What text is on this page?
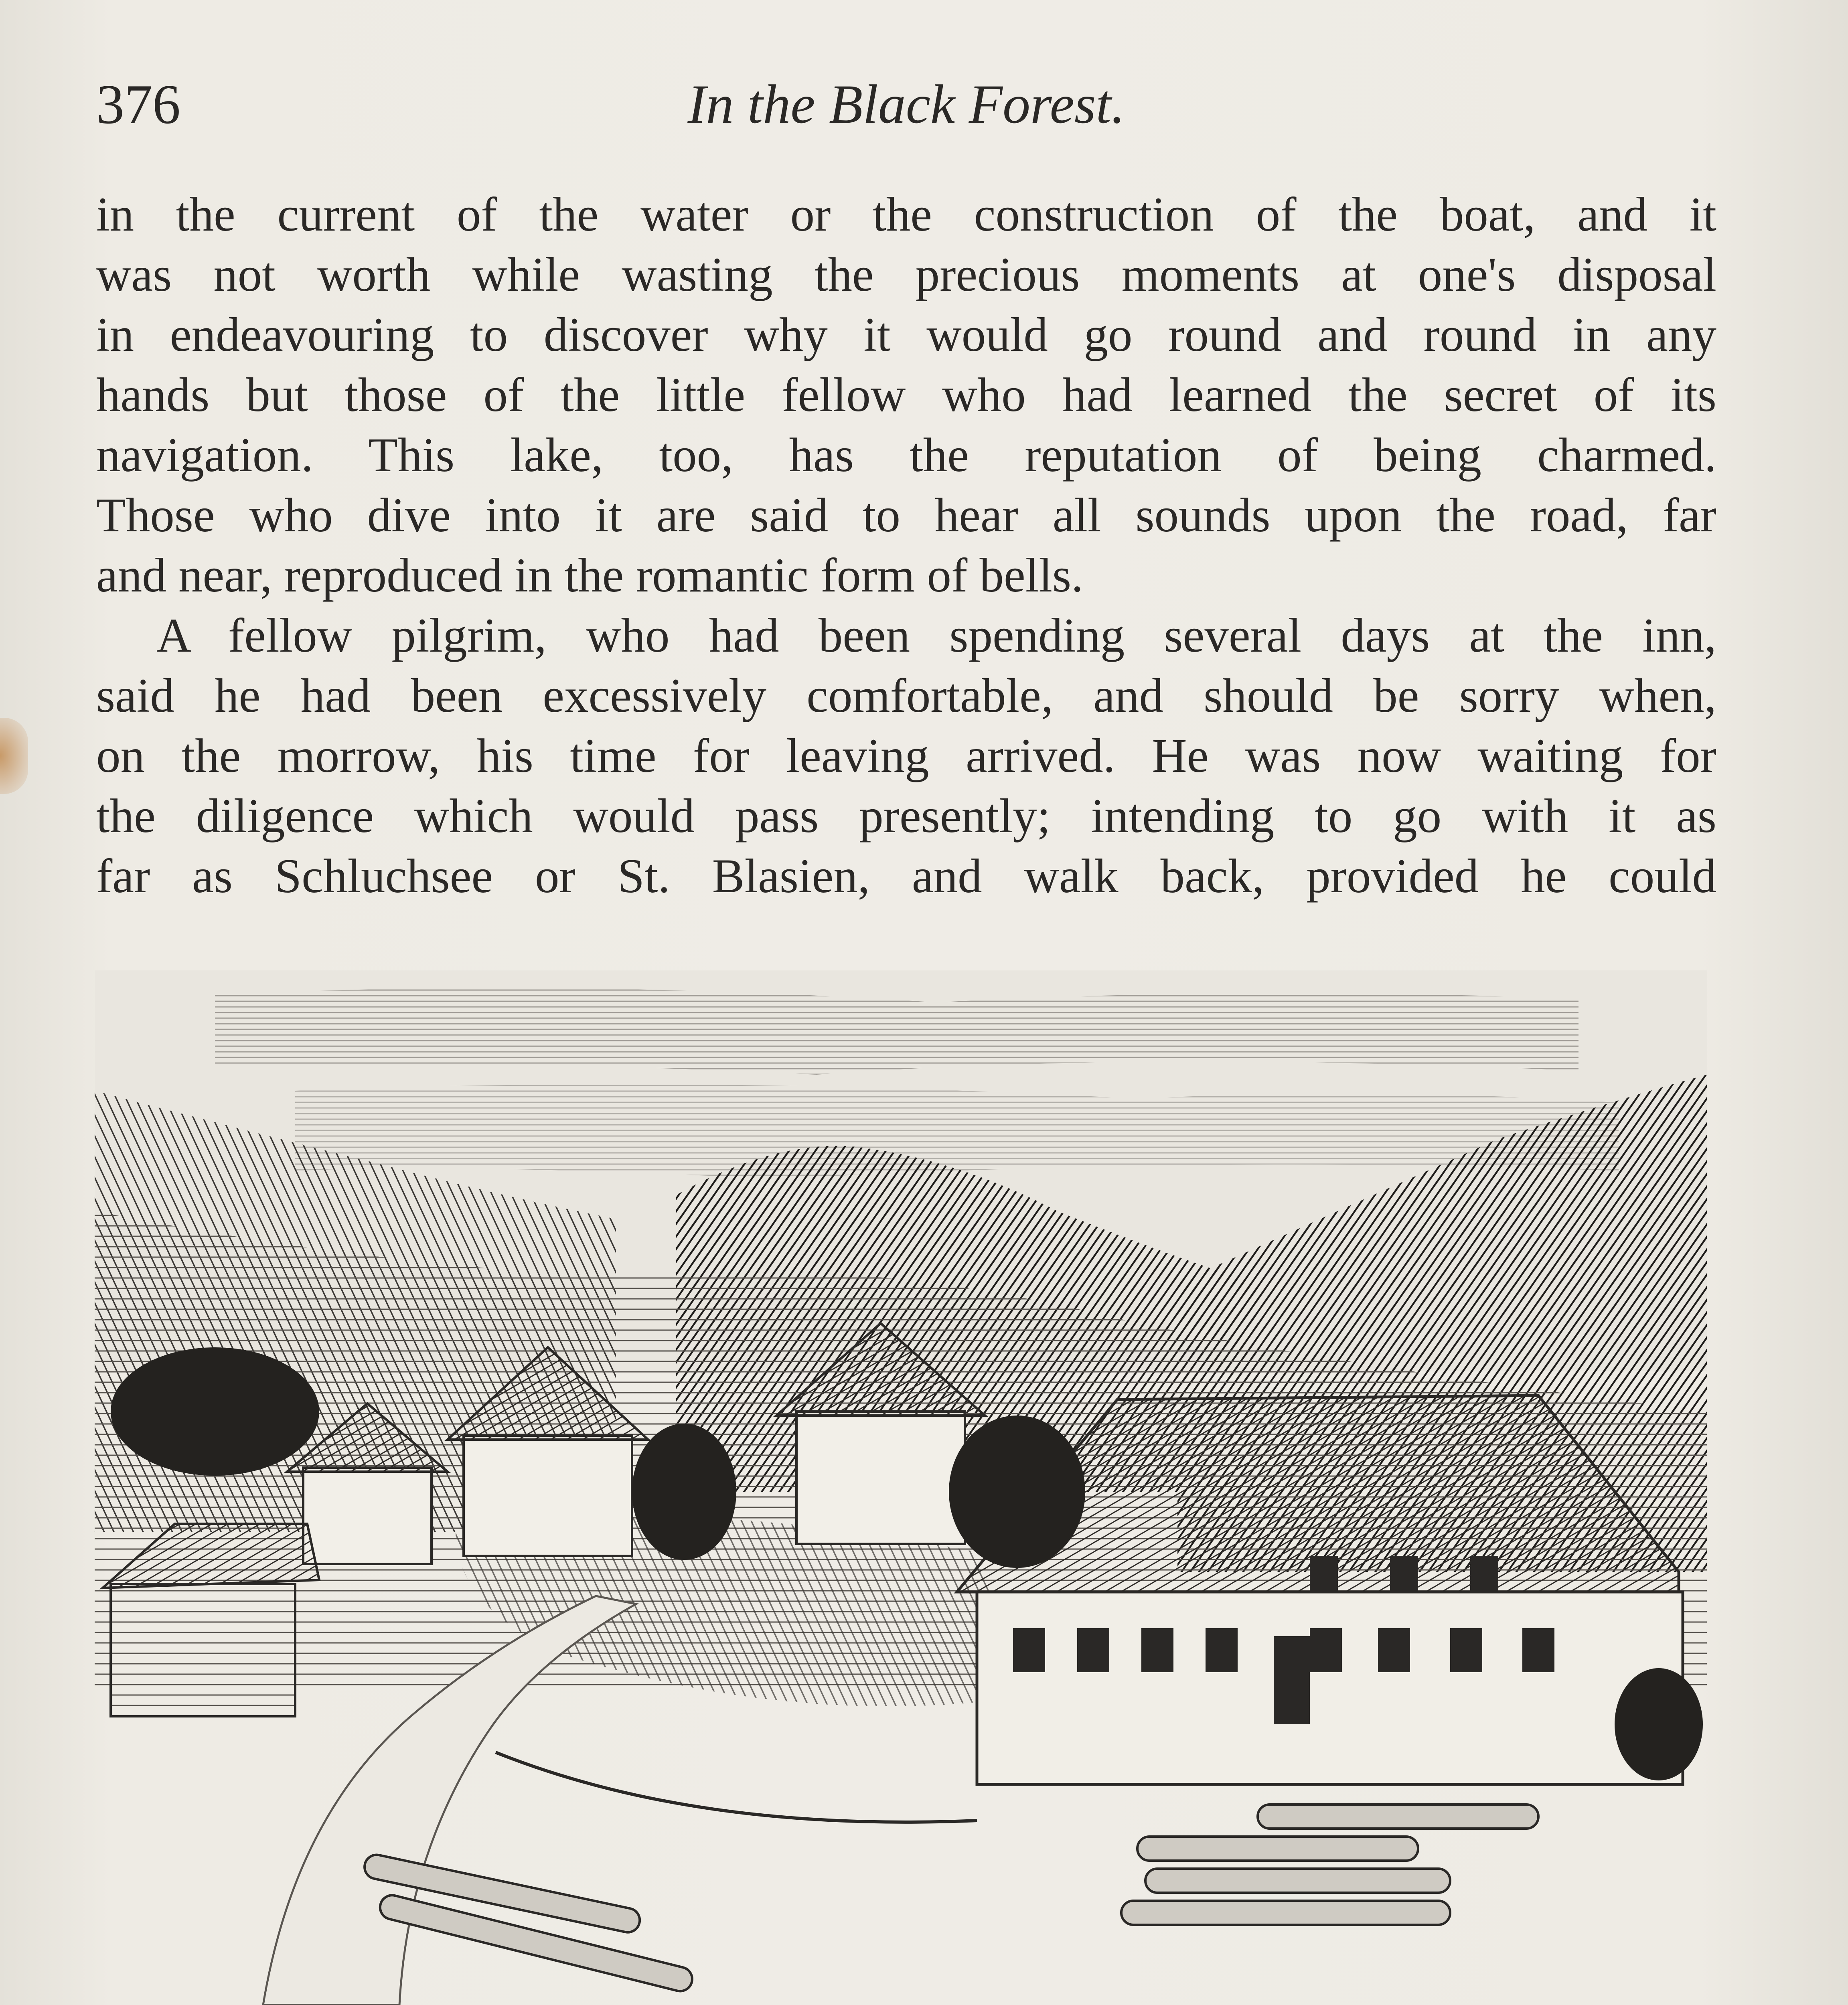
376	In the Black Forest.

in the current of the water or the construction of the boat, and it
was not worth while wasting the precious moments at one's disposal
in endeavouring to discover why it would go round and round in any
hands but those of the little fellow who had learned the secret of its
navigation. This lake, too, has the reputation of being charmed.
Those who dive into it are said to hear all sounds upon the road, far
and near, reproduced in the romantic form of bells.

A fellow pilgrim, who had been spending several days at the inn,
said he had been excessively comfortable, and should be sorry when,
on the morrow, his time for leaving arrived. He was now waiting for
the diligence which would pass presently; intending to go with it as
far as Schluchsee or St. Blasien, and walk back, provided he could
